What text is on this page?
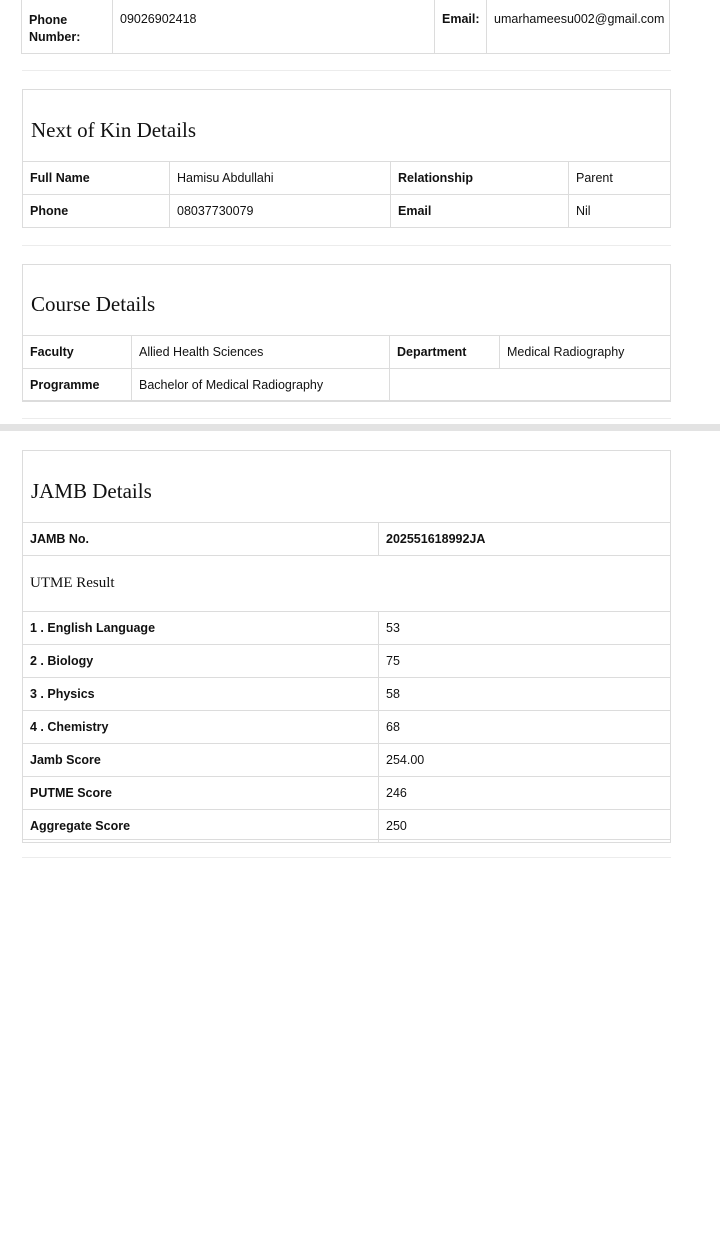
Phone Number:	09026902418	Email:	umarhameesu002@gmail.com
Next of Kin Details
Full Name	Hamisu Abdullahi	Relationship	Parent
Phone	08037730079	Email	Nil
Course Details
Faculty	Allied Health Sciences	Department	Medical Radiography
Programme	Bachelor of Medical Radiography		
JAMB Details
JAMB No.	202551618992JA
UTME Result	
1 . English Language	53
2 . Biology	75
3 . Physics	58
4 . Chemistry	68
Jamb Score	254.00
PUTME Score	246
Aggregate Score	250
